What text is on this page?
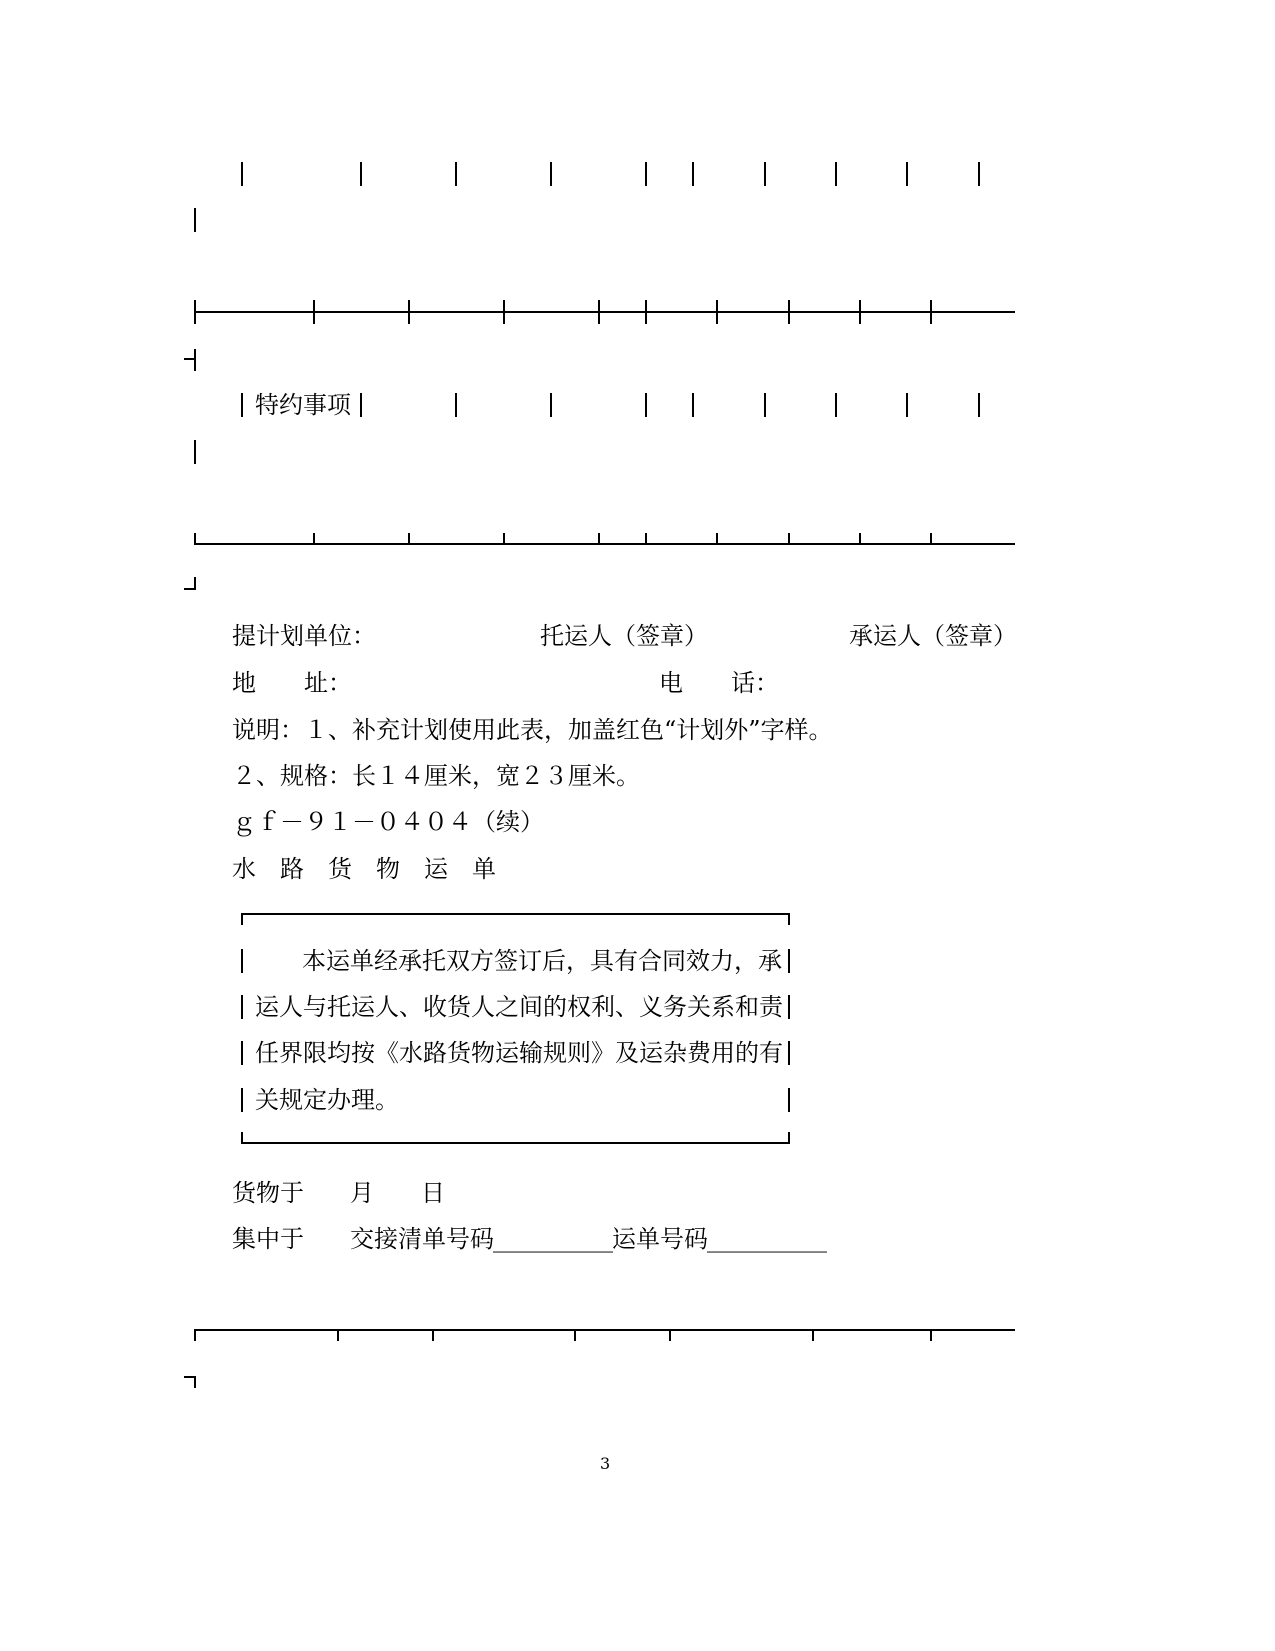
特约事项
提计划单位：	托运人（签章）	承运人（签章）
地　　址：	电　　话：
说明：１、补充计划使用此表，加盖红色“计划外”字样。
２、规格：长１４厘米，宽２３厘米。
ｇｆ－９１－０４０４（续）
水　路　货　物　运　单
本运单经承托双方签订后，具有合同效力，承
运人与托运人、收货人之间的权利、义务关系和责
任界限均按《水路货物运输规则》及运杂费用的有
关规定办理。
货物于 月 日
集中于 交接清单号码 __________ 运单号码 __________
3
